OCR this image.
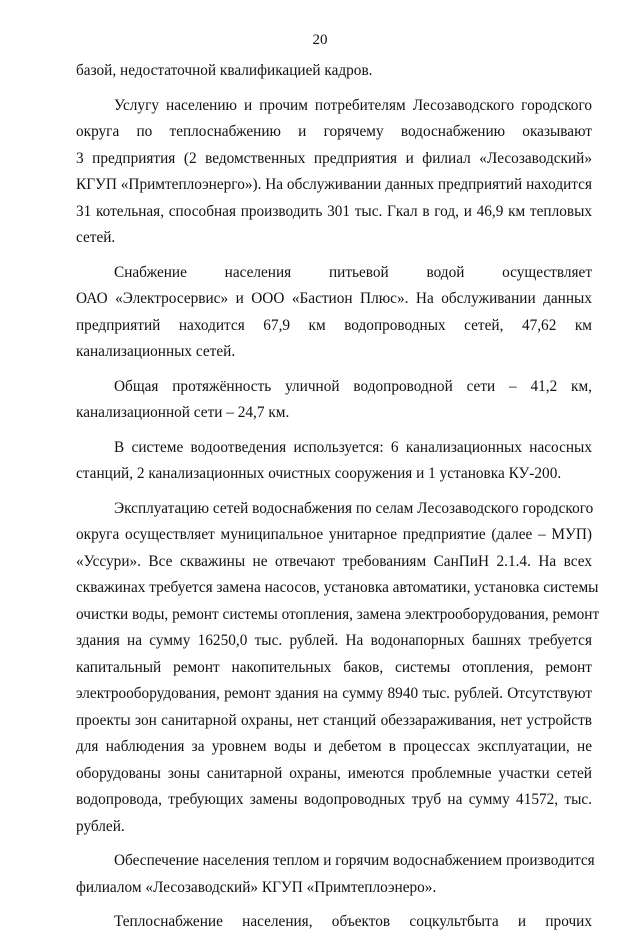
20
базой, недостаточной квалификацией кадров.
Услугу населению и прочим потребителям Лесозаводского городского
округа по теплоснабжению и горячему водоснабжению оказывают
3 предприятия (2 ведомственных предприятия и филиал «Лесозаводский»
КГУП «Примтеплоэнерго»). На обслуживании данных предприятий находится
31 котельная, способная производить 301 тыс. Гкал в год, и 46,9 км тепловых
сетей.
Снабжение населения питьевой водой осуществляет
ОАО «Электросервис» и ООО «Бастион Плюс». На обслуживании данных
предприятий находится 67,9 км водопроводных сетей, 47,62 км
канализационных сетей.
Общая протяжённость уличной водопроводной сети – 41,2 км,
канализационной сети – 24,7 км.
В системе водоотведения используется: 6 канализационных насосных
станций, 2 канализационных очистных сооружения и 1 установка КУ-200.
Эксплуатацию сетей водоснабжения по селам Лесозаводского городского
округа осуществляет муниципальное унитарное предприятие (далее – МУП)
«Уссури». Все скважины не отвечают требованиям СанПиН 2.1.4. На всех
скважинах требуется замена насосов, установка автоматики, установка системы
очистки воды, ремонт системы отопления, замена электрооборудования, ремонт
здания на сумму 16250,0 тыс. рублей. На водонапорных башнях требуется
капитальный ремонт накопительных баков, системы отопления, ремонт
электрооборудования, ремонт здания на сумму 8940 тыс. рублей. Отсутствуют
проекты зон санитарной охраны, нет станций обеззараживания, нет устройств
для наблюдения за уровнем воды и дебетом в процессах эксплуатации, не
оборудованы зоны санитарной охраны, имеются проблемные участки сетей
водопровода, требующих замены водопроводных труб на сумму 41572, тыс.
рублей.
Обеспечение населения теплом и горячим водоснабжением производится
филиалом «Лесозаводский» КГУП «Примтеплоэнеро».
Теплоснабжение населения, объектов соцкультбыта и прочих
